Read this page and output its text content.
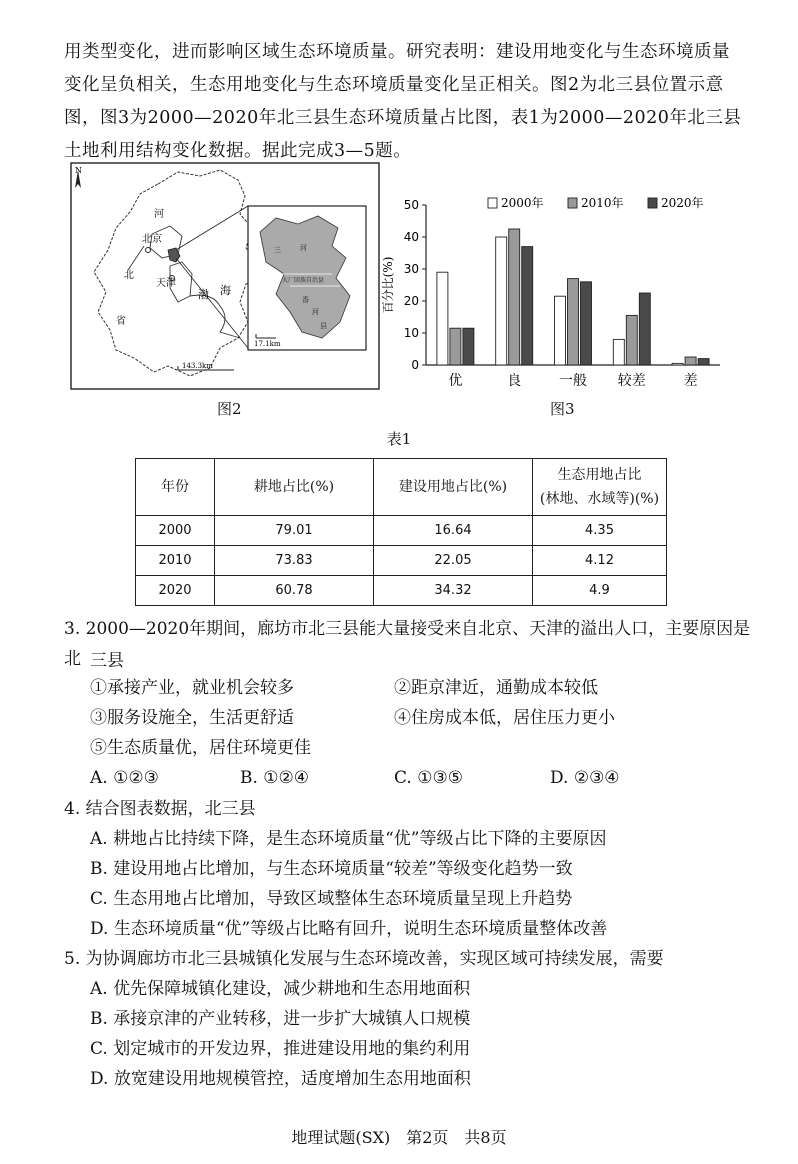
用类型变化，进而影响区域生态环境质量。研究表明：建设用地变化与生态环境质量变化呈负相关，生态用地变化与生态环境质量变化呈正相关。图2为北三县位置示意图，图3为2000—2020年北三县生态环境质量占比图，表1为2000—2020年北三县土地利用结构变化数据。据此完成3—5题。

N
三	河
大厂回族自治县
香
河
县
17.1km
河
北京
北
天津
渤 海
省
143.3km
图2
2000年	2010年	2020年
0
10
20
30
40
50
百分比(%)
优	良	一般 较差	差
图3
表1
年份	耕地占比(%)	建设用地占比(%)	生态用地占比
(林地、水域等)(%)

2000	79.01	16.64	4.35
2010	73.83	22.05	4.12
2020	60.78	34.32	4.9
3. 2000—2020年期间，廊坊市北三县能大量接受来自北京、天津的溢出人口，主要原因是北 三县
①承接产业，就业机会较多	②距京津近，通勤成本较低
③服务设施全，生活更舒适	④住房成本低，居住压力更小
⑤生态质量优，居住环境更佳
A. ①②③	B. ①②④	C. ①③⑤	D. ②③④
4. 结合图表数据，北三县
A. 耕地占比持续下降，是生态环境质量“优”等级占比下降的主要原因
B. 建设用地占比增加，与生态环境质量“较差”等级变化趋势一致
C. 生态用地占比增加，导致区域整体生态环境质量呈现上升趋势
D. 生态环境质量“优”等级占比略有回升，说明生态环境质量整体改善
5. 为协调廊坊市北三县城镇化发展与生态环境改善，实现区域可持续发展，需要
A. 优先保障城镇化建设，减少耕地和生态用地面积
B. 承接京津的产业转移，进一步扩大城镇人口规模
C. 划定城市的开发边界，推进建设用地的集约利用
D. 放宽建设用地规模管控，适度增加生态用地面积
地理试题(SX)　第2页　共8页
